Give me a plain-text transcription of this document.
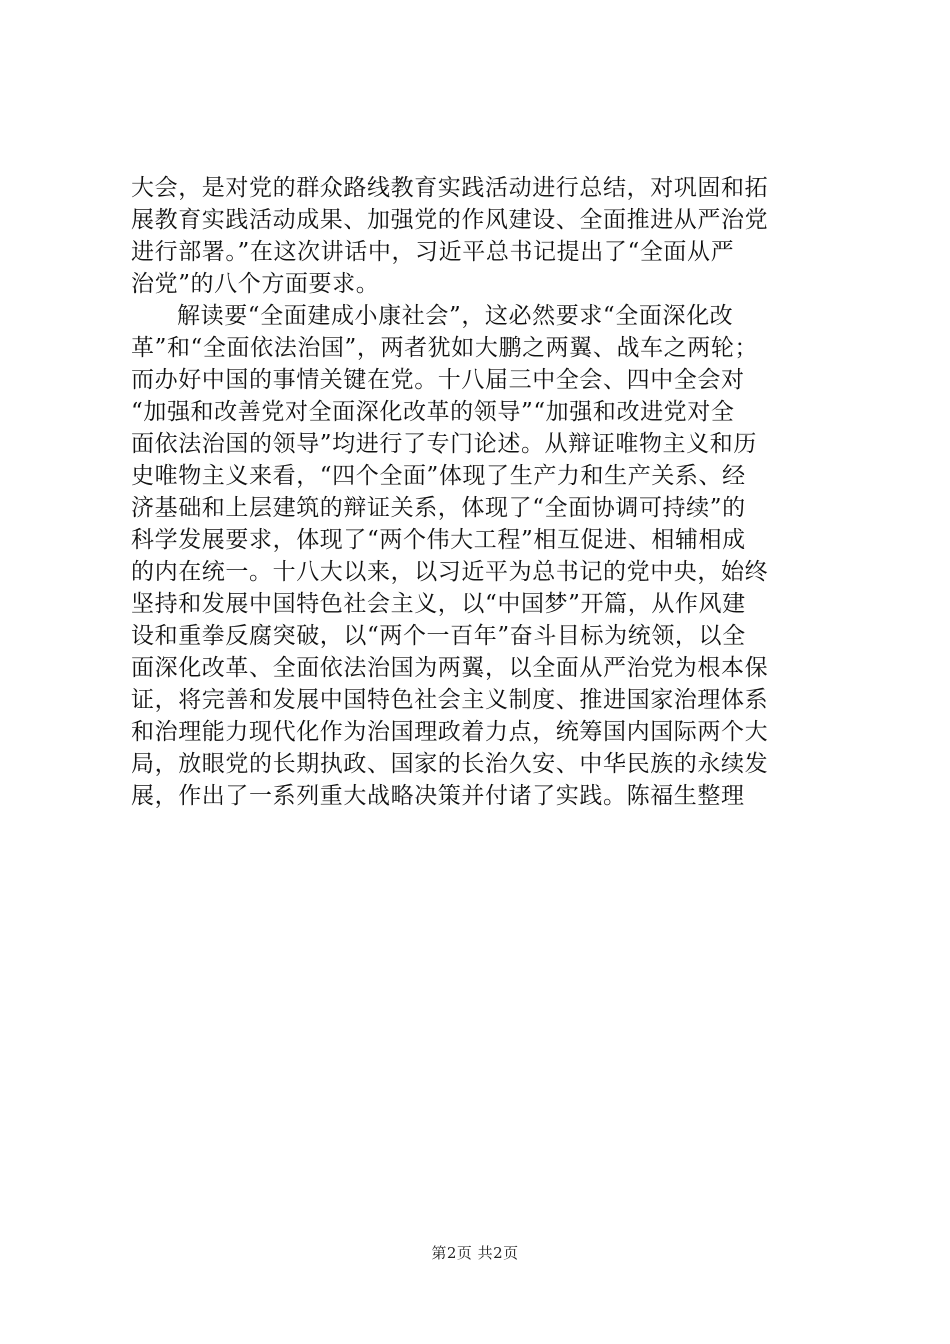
大会，是对党的群众路线教育实践活动进行总结，对巩固和拓
展教育实践活动成果、加强党的作风建设、全面推进从严治党
进行部署。”在这次讲话中，习近平总书记提出了“全面从严
治党”的八个方面要求。
解读要“全面建成小康社会”，这必然要求“全面深化改
革”和“全面依法治国”，两者犹如大鹏之两翼、战车之两轮；
而办好中国的事情关键在党。十八届三中全会、四中全会对
“加强和改善党对全面深化改革的领导”“加强和改进党对全
面依法治国的领导”均进行了专门论述。从辩证唯物主义和历
史唯物主义来看，“四个全面”体现了生产力和生产关系、经
济基础和上层建筑的辩证关系，体现了“全面协调可持续”的
科学发展要求，体现了“两个伟大工程”相互促进、相辅相成
的内在统一。十八大以来，以习近平为总书记的党中央，始终
坚持和发展中国特色社会主义，以“中国梦”开篇，从作风建
设和重拳反腐突破，以“两个一百年”奋斗目标为统领，以全
面深化改革、全面依法治国为两翼，以全面从严治党为根本保
证，将完善和发展中国特色社会主义制度、推进国家治理体系
和治理能力现代化作为治国理政着力点，统筹国内国际两个大
局，放眼党的长期执政、国家的长治久安、中华民族的永续发
展，作出了一系列重大战略决策并付诸了实践。陈福生整理
第2页 共2页
